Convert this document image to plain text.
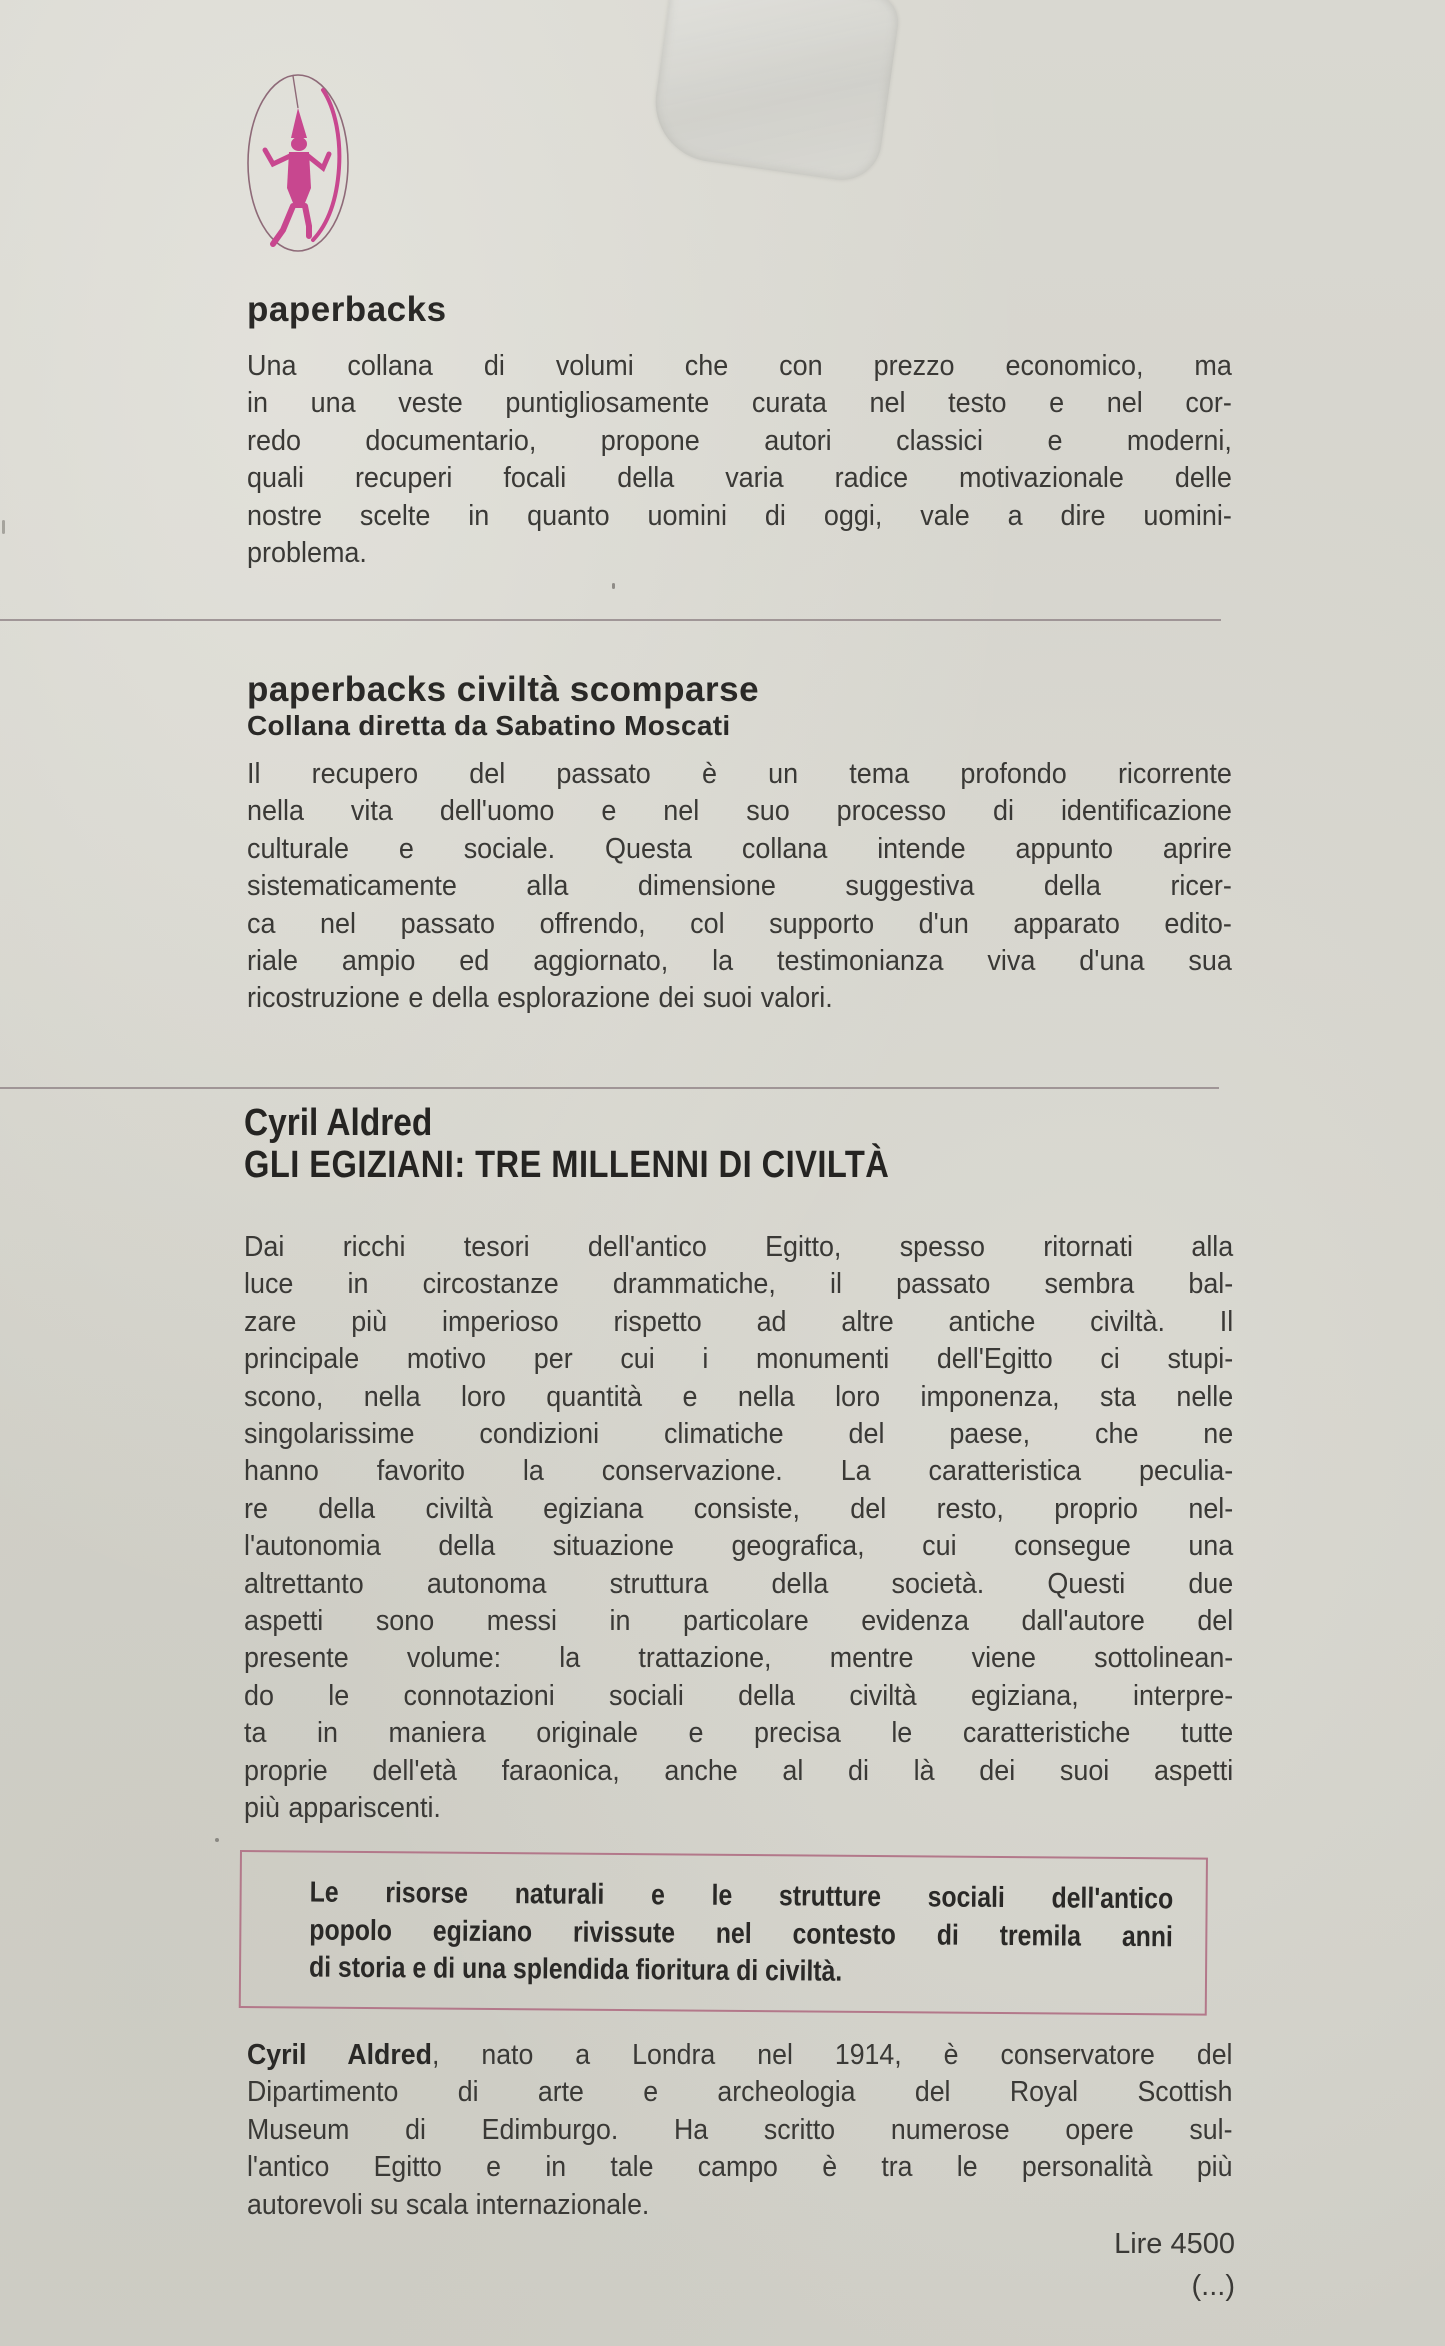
paperbacks
Una collana di volumi che con prezzo economico, ma
in una veste puntigliosamente curata nel testo e nel cor-
redo documentario, propone autori classici e moderni,
quali recuperi focali della varia radice motivazionale delle
nostre scelte in quanto uomini di oggi, vale a dire uomini-
problema.
paperbacks civiltà scomparse

Collana diretta da Sabatino Moscati

Il recupero del passato è un tema profondo ricorrente
nella vita dell'uomo e nel suo processo di identificazione
culturale e sociale. Questa collana intende appunto aprire
sistematicamente alla dimensione suggestiva della ricer-
ca nel passato offrendo, col supporto d'un apparato edito-
riale ampio ed aggiornato, la testimonianza viva d'una sua
ricostruzione e della esplorazione dei suoi valori.
Cyril Aldred
GLI EGIZIANI: TRE MILLENNI DI CIVILTÀ
Dai ricchi tesori dell'antico Egitto, spesso ritornati alla
luce in circostanze drammatiche, il passato sembra bal-
zare più imperioso rispetto ad altre antiche civiltà. Il
principale motivo per cui i monumenti dell'Egitto ci stupi-
scono, nella loro quantità e nella loro imponenza, sta nelle
singolarissime condizioni climatiche del paese, che ne
hanno favorito la conservazione. La caratteristica peculia-
re della civiltà egiziana consiste, del resto, proprio nel-
l'autonomia della situazione geografica, cui consegue una
altrettanto autonoma struttura della società. Questi due
aspetti sono messi in particolare evidenza dall'autore del
presente volume: la trattazione, mentre viene sottolinean-
do le connotazioni sociali della civiltà egiziana, interpre-
ta in maniera originale e precisa le caratteristiche tutte
proprie dell'età faraonica, anche al di là dei suoi aspetti
più appariscenti.
Le risorse naturali e le strutture sociali dell'antico
popolo egiziano rivissute nel contesto di tremila anni
di storia e di una splendida fioritura di civiltà.
Cyril Aldred, nato a Londra nel 1914, è conservatore del
Dipartimento di arte e archeologia del Royal Scottish
Museum di Edimburgo. Ha scritto numerose opere sul-
l'antico Egitto e in tale campo è tra le personalità più
autorevoli su scala internazionale.
Lire 4500
(...)
